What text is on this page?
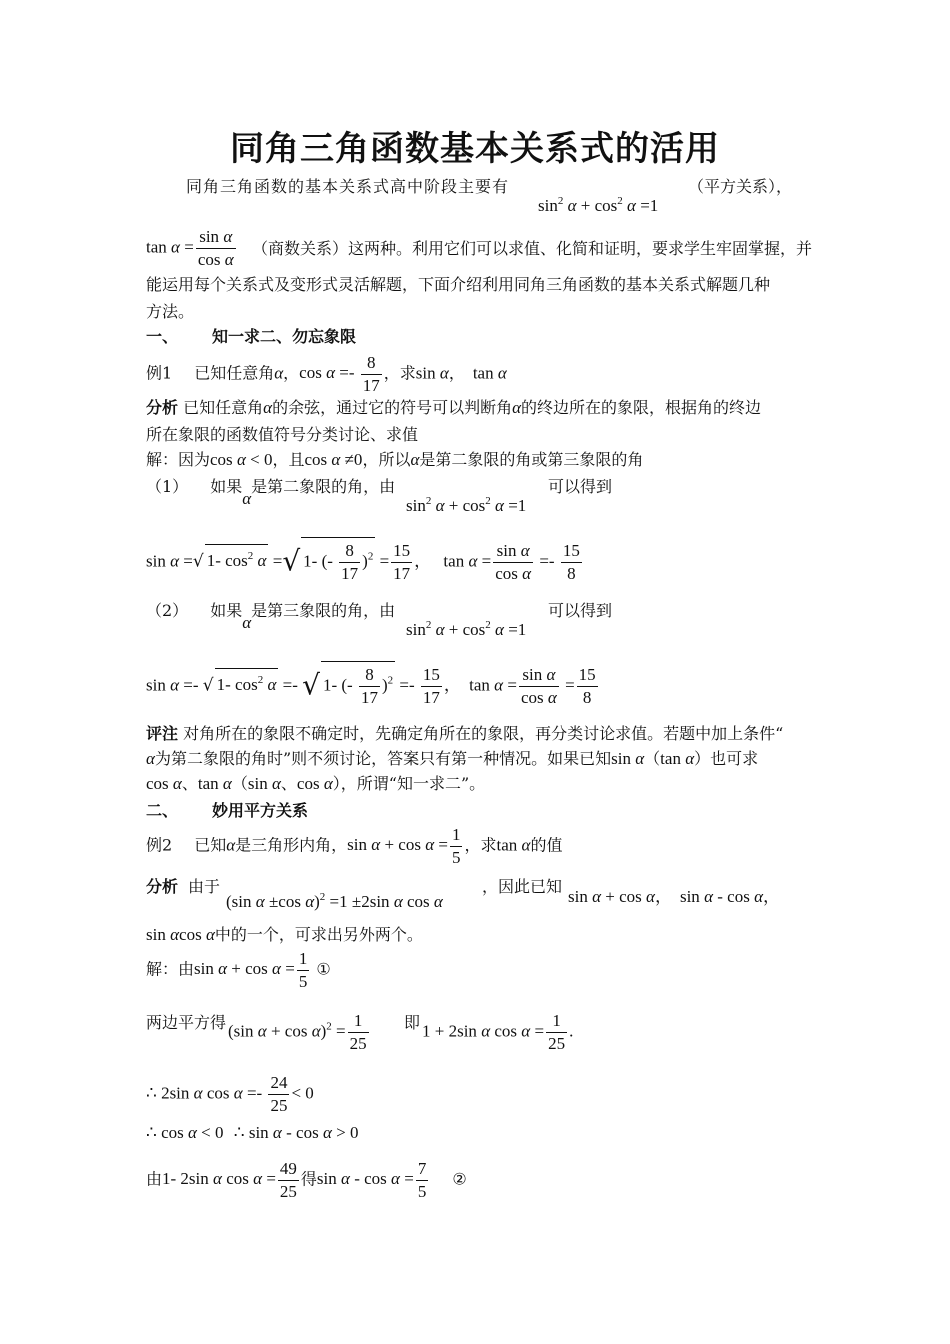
同角三角函数基本关系式的活用
同角三角函数的基本关系式高中阶段主要有
$\sin^2 \alpha + \cos^2 \alpha =1$
（平方关系），
$\tan \alpha = \frac{\text{sin α}}{\text{cos α}}$ （商数关系）这两种。利用它们可以求值、化简和证明，要求学生牢固掌握，并
能运用每个关系式及变形式灵活解题，下面介绍利用同角三角函数的基本关系式解题几种
方法。
一、 知一求二、勿忘象限
例1 已知任意角α，$\cos \alpha =- \frac{8}{17}$ ，求sin α， tan α
分析 已知任意角α的余弦，通过它的符号可以判断角α的终边所在的象限，根据角的终边
所在象限的函数值符号分类讨论、求值
解：因为cos α < 0，且cos α ≠0，所以α是第二象限的角或第三象限的角
（1） 如果α是第二象限的角，由
$\sin^2 \alpha + \cos^2 \alpha =1$
可以得到
sin α =√ 1- $\cos^2 \alpha$ =√ 1- (- $\frac{8}{17} )^2 = \frac{15}{17}$ ， $\tan \alpha = \frac{\text{sin α}}{\text{cos α}} =- \frac{15}{8}$
（2） 如果α是第三象限的角，由
$\sin^2 \alpha + \cos^2 \alpha =1$
可以得到
sin α =- √ 1- $\cos^2 \alpha$ =- √ 1- (- $\frac{8}{17} )^2 =- \frac{15}{17}$ ， $\tan \alpha = \frac{\text{sin α}}{\text{cos α}} = \frac{15}{8}$
评注 对角所在的象限不确定时，先确定角所在的象限，再分类讨论求值。若题中加上条件“
α为第二象限的角时”则不须讨论，答案只有第一种情况。如果已知sin α（tan α）也可求
cos α、tan α（sin α、cos α），所谓“知一求二”。
二、 妙用平方关系
例2 已知α是三角形内角，$\sin \alpha + \cos \alpha = \frac{1}{5}$ ，求tan α的值
分析 由于
(sin α ±cos α)$^2$ =1 ±2sin α cos α
，因此已知
sin α + cos α， sin α - cos α，
sin αcos α中的一个，可求出另外两个。
解：由$\sin \alpha + \cos \alpha = \frac{1}{5}$ ①
两边平方得 (sin $\alpha + \cos \alpha)^2 = \frac{1}{25}$ 即 1 + 2sin α $\cos \alpha = \frac{1}{25}$ .
∴ 2sin α $\cos \alpha =- \frac{24}{25} < 0$
∴ cos α < 0 ∴ sin α - cos α > 0
由1- 2sin α $\cos \alpha = \frac{49}{25}$ 得$\sin \alpha - \cos \alpha = \frac{7}{5}$ ②
